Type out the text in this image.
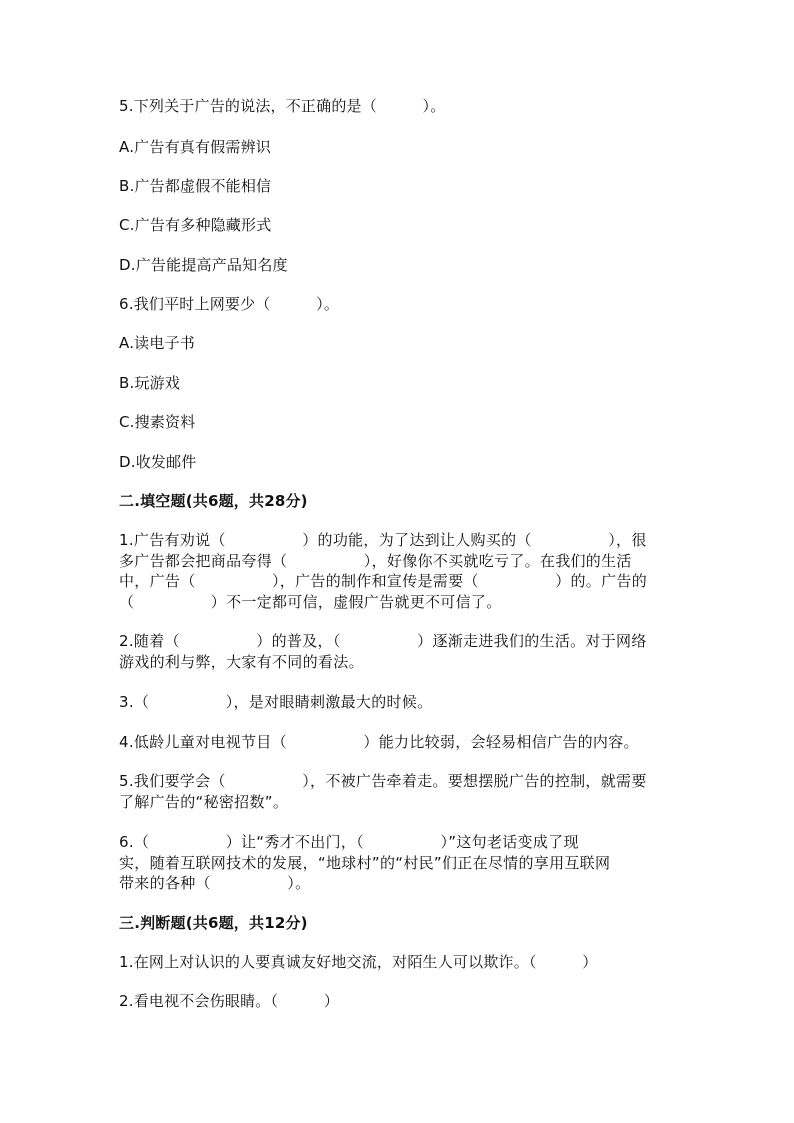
5.下列关于广告的说法，不正确的是（　　　）。
A.广告有真有假需辨识
B.广告都虚假不能相信
C.广告有多种隐藏形式
D.广告能提高产品知名度
6.我们平时上网要少（　　　）。
A.读电子书
B.玩游戏
C.搜素资料
D.收发邮件
二.填空题(共6题，共28分)
1.广告有劝说（　　　　　）的功能，为了达到让人购买的（　　　　　），很
多广告都会把商品夸得（　　　　　），好像你不买就吃亏了。在我们的生活
中，广告（　　　　　），广告的制作和宣传是需要（　　　　　）的。广告的
（　　　　　）不一定都可信，虚假广告就更不可信了。
2.随着（　　　　　）的普及，（　　　　　）逐渐走进我们的生活。对于网络
游戏的利与弊，大家有不同的看法。
3.（　　　　　），是对眼睛刺激最大的时候。
4.低龄儿童对电视节目（　　　　　）能力比较弱，会轻易相信广告的内容。
5.我们要学会（　　　　　），不被广告牵着走。要想摆脱广告的控制，就需要
了解广告的“秘密招数”。
6.（　　　　　）让“秀才不出门，（　　　　　）”这句老话变成了现
实，随着互联网技术的发展，“地球村”的“村民”们正在尽情的享用互联网
带来的各种（　　　　　）。
三.判断题(共6题，共12分)
1.在网上对认识的人要真诚友好地交流，对陌生人可以欺诈。（　　　）
2.看电视不会伤眼睛。（　　　）
